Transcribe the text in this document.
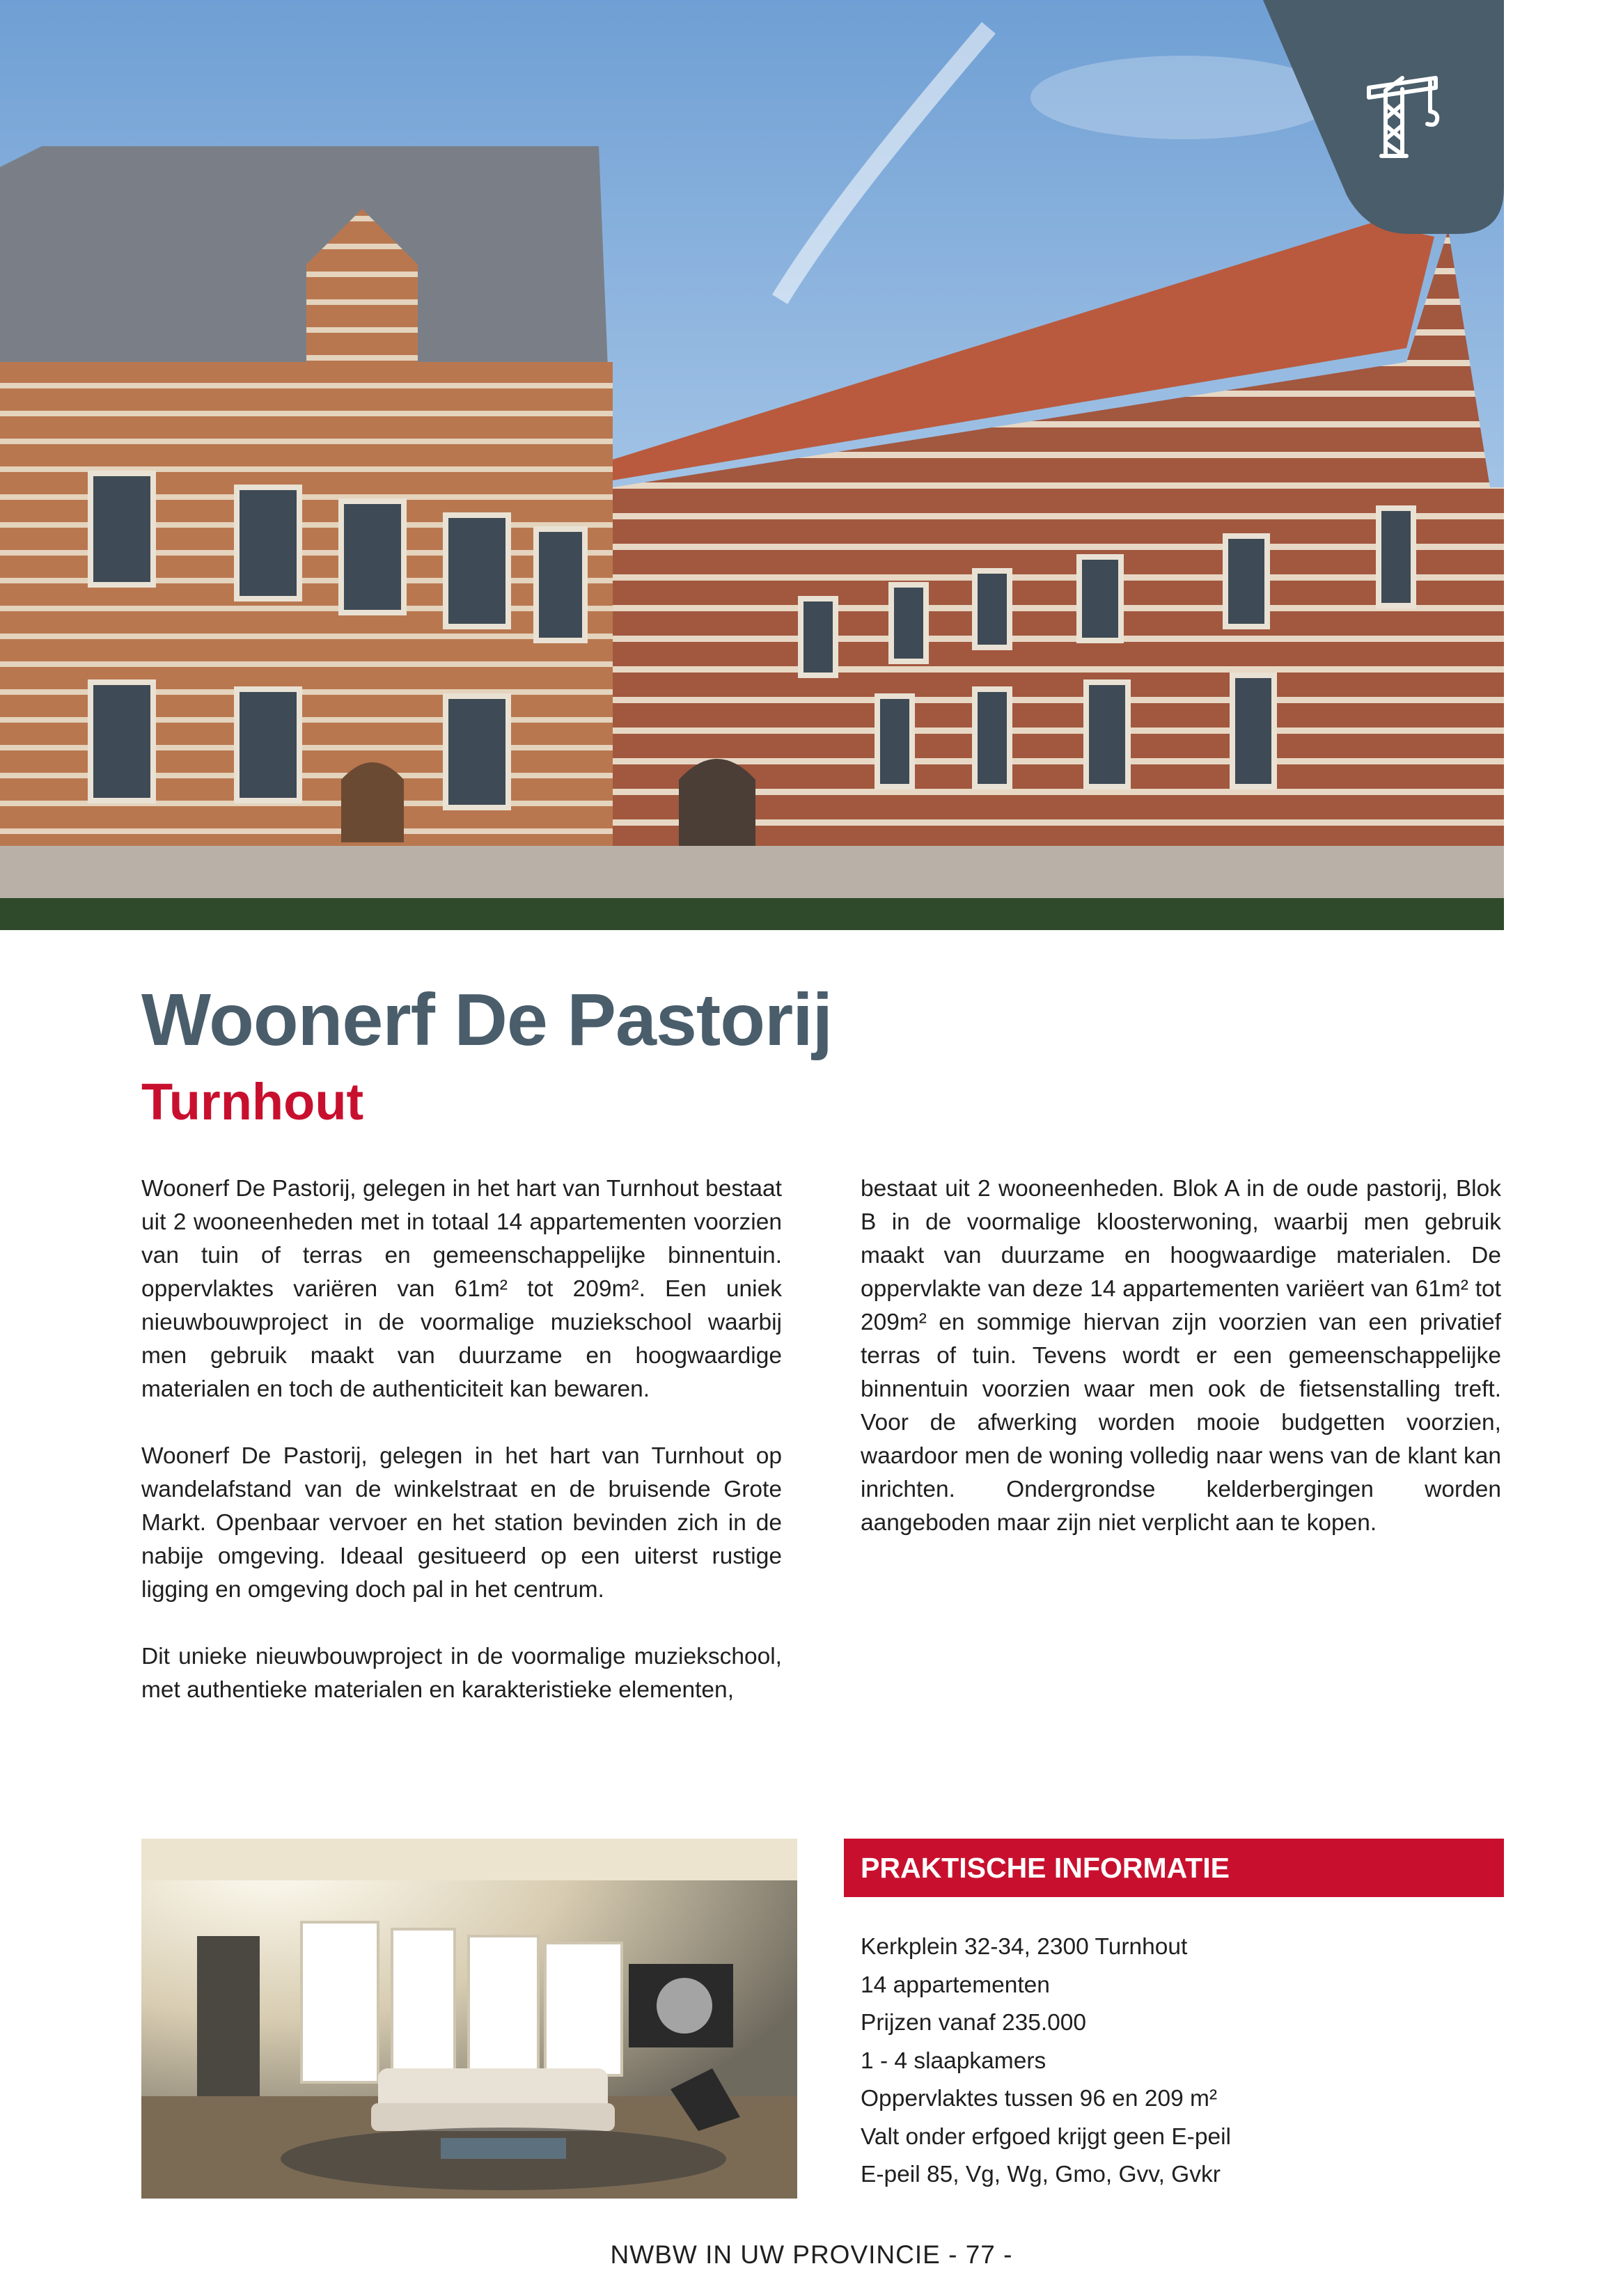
Woonerf De Pastorij
Turnhout

Woonerf De Pastorij, gelegen in het hart van Turnhout bestaat uit 2 wooneenheden met in totaal 14 appartementen voorzien van tuin of terras en gemeenschappelijke binnentuin. oppervlaktes variëren van 61m² tot 209m². Een uniek nieuwbouwproject in de voormalige muziekschool waarbij men gebruik maakt van duurzame en hoogwaardige materialen en toch de authenticiteit kan bewaren.

Woonerf De Pastorij, gelegen in het hart van Turnhout op wandelafstand van de winkelstraat en de bruisende Grote Markt. Openbaar vervoer en het station bevinden zich in de nabije omgeving. Ideaal gesitueerd op een uiterst rustige ligging en omgeving doch pal in het centrum.

Dit unieke nieuwbouwproject in de voormalige muziekschool, met authentieke materialen en karakteristieke elementen,

bestaat uit 2 wooneenheden. Blok A in de oude pastorij, Blok B in de voormalige kloosterwoning, waarbij men gebruik maakt van duurzame en hoogwaardige materialen. De oppervlakte van deze 14 appartementen variëert van 61m² tot 209m² en sommige hiervan zijn voorzien van een privatief terras of tuin. Tevens wordt er een gemeenschappelijke binnentuin voorzien waar men ook de fietsenstalling treft. Voor de afwerking worden mooie budgetten voorzien, waardoor men de woning volledig naar wens van de klant kan inrichten. Ondergrondse kelderbergingen worden aangeboden maar zijn niet verplicht aan te kopen.

PRAKTISCHE INFORMATIE
Kerkplein 32-34, 2300 Turnhout
14 appartementen
Prijzen vanaf 235.000
1 - 4 slaapkamers
Oppervlaktes tussen 96 en 209 m²
Valt onder erfgoed krijgt geen E-peil
E-peil 85, Vg, Wg, Gmo, Gvv, Gvkr
NWBW IN UW PROVINCIE - 77 -
